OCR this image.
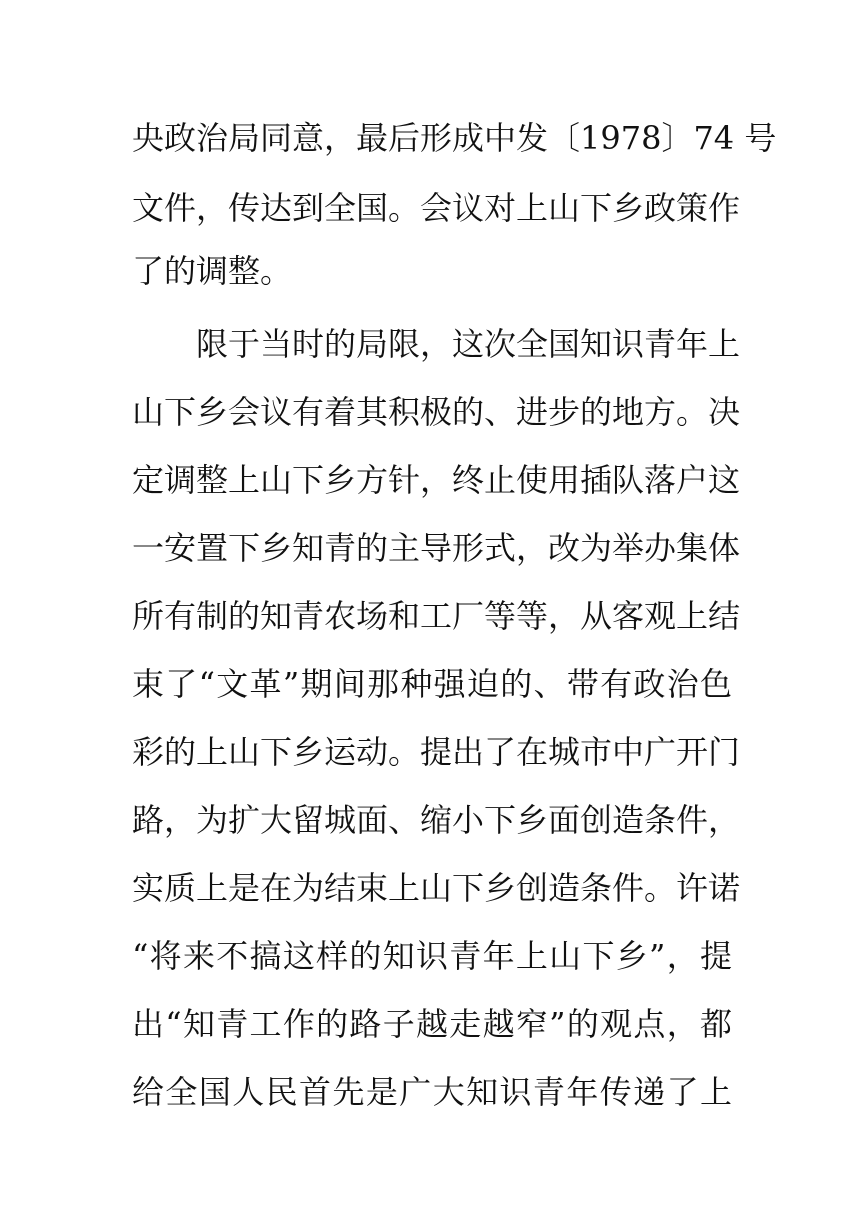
央政治局同意，最后形成中发〔1978〕74 号
文件，传达到全国。会议对上山下乡政策作
了的调整。
限于当时的局限，这次全国知识青年上
山下乡会议有着其积极的、进步的地方。决
定调整上山下乡方针，终止使用插队落户这
一安置下乡知青的主导形式，改为举办集体
所有制的知青农场和工厂等等，从客观上结
束了“文革”期间那种强迫的、带有政治色
彩的上山下乡运动。提出了在城市中广开门
路，为扩大留城面、缩小下乡面创造条件，
实质上是在为结束上山下乡创造条件。许诺
“将来不搞这样的知识青年上山下乡”，提
出“知青工作的路子越走越窄”的观点，都
给全国人民首先是广大知识青年传递了上
